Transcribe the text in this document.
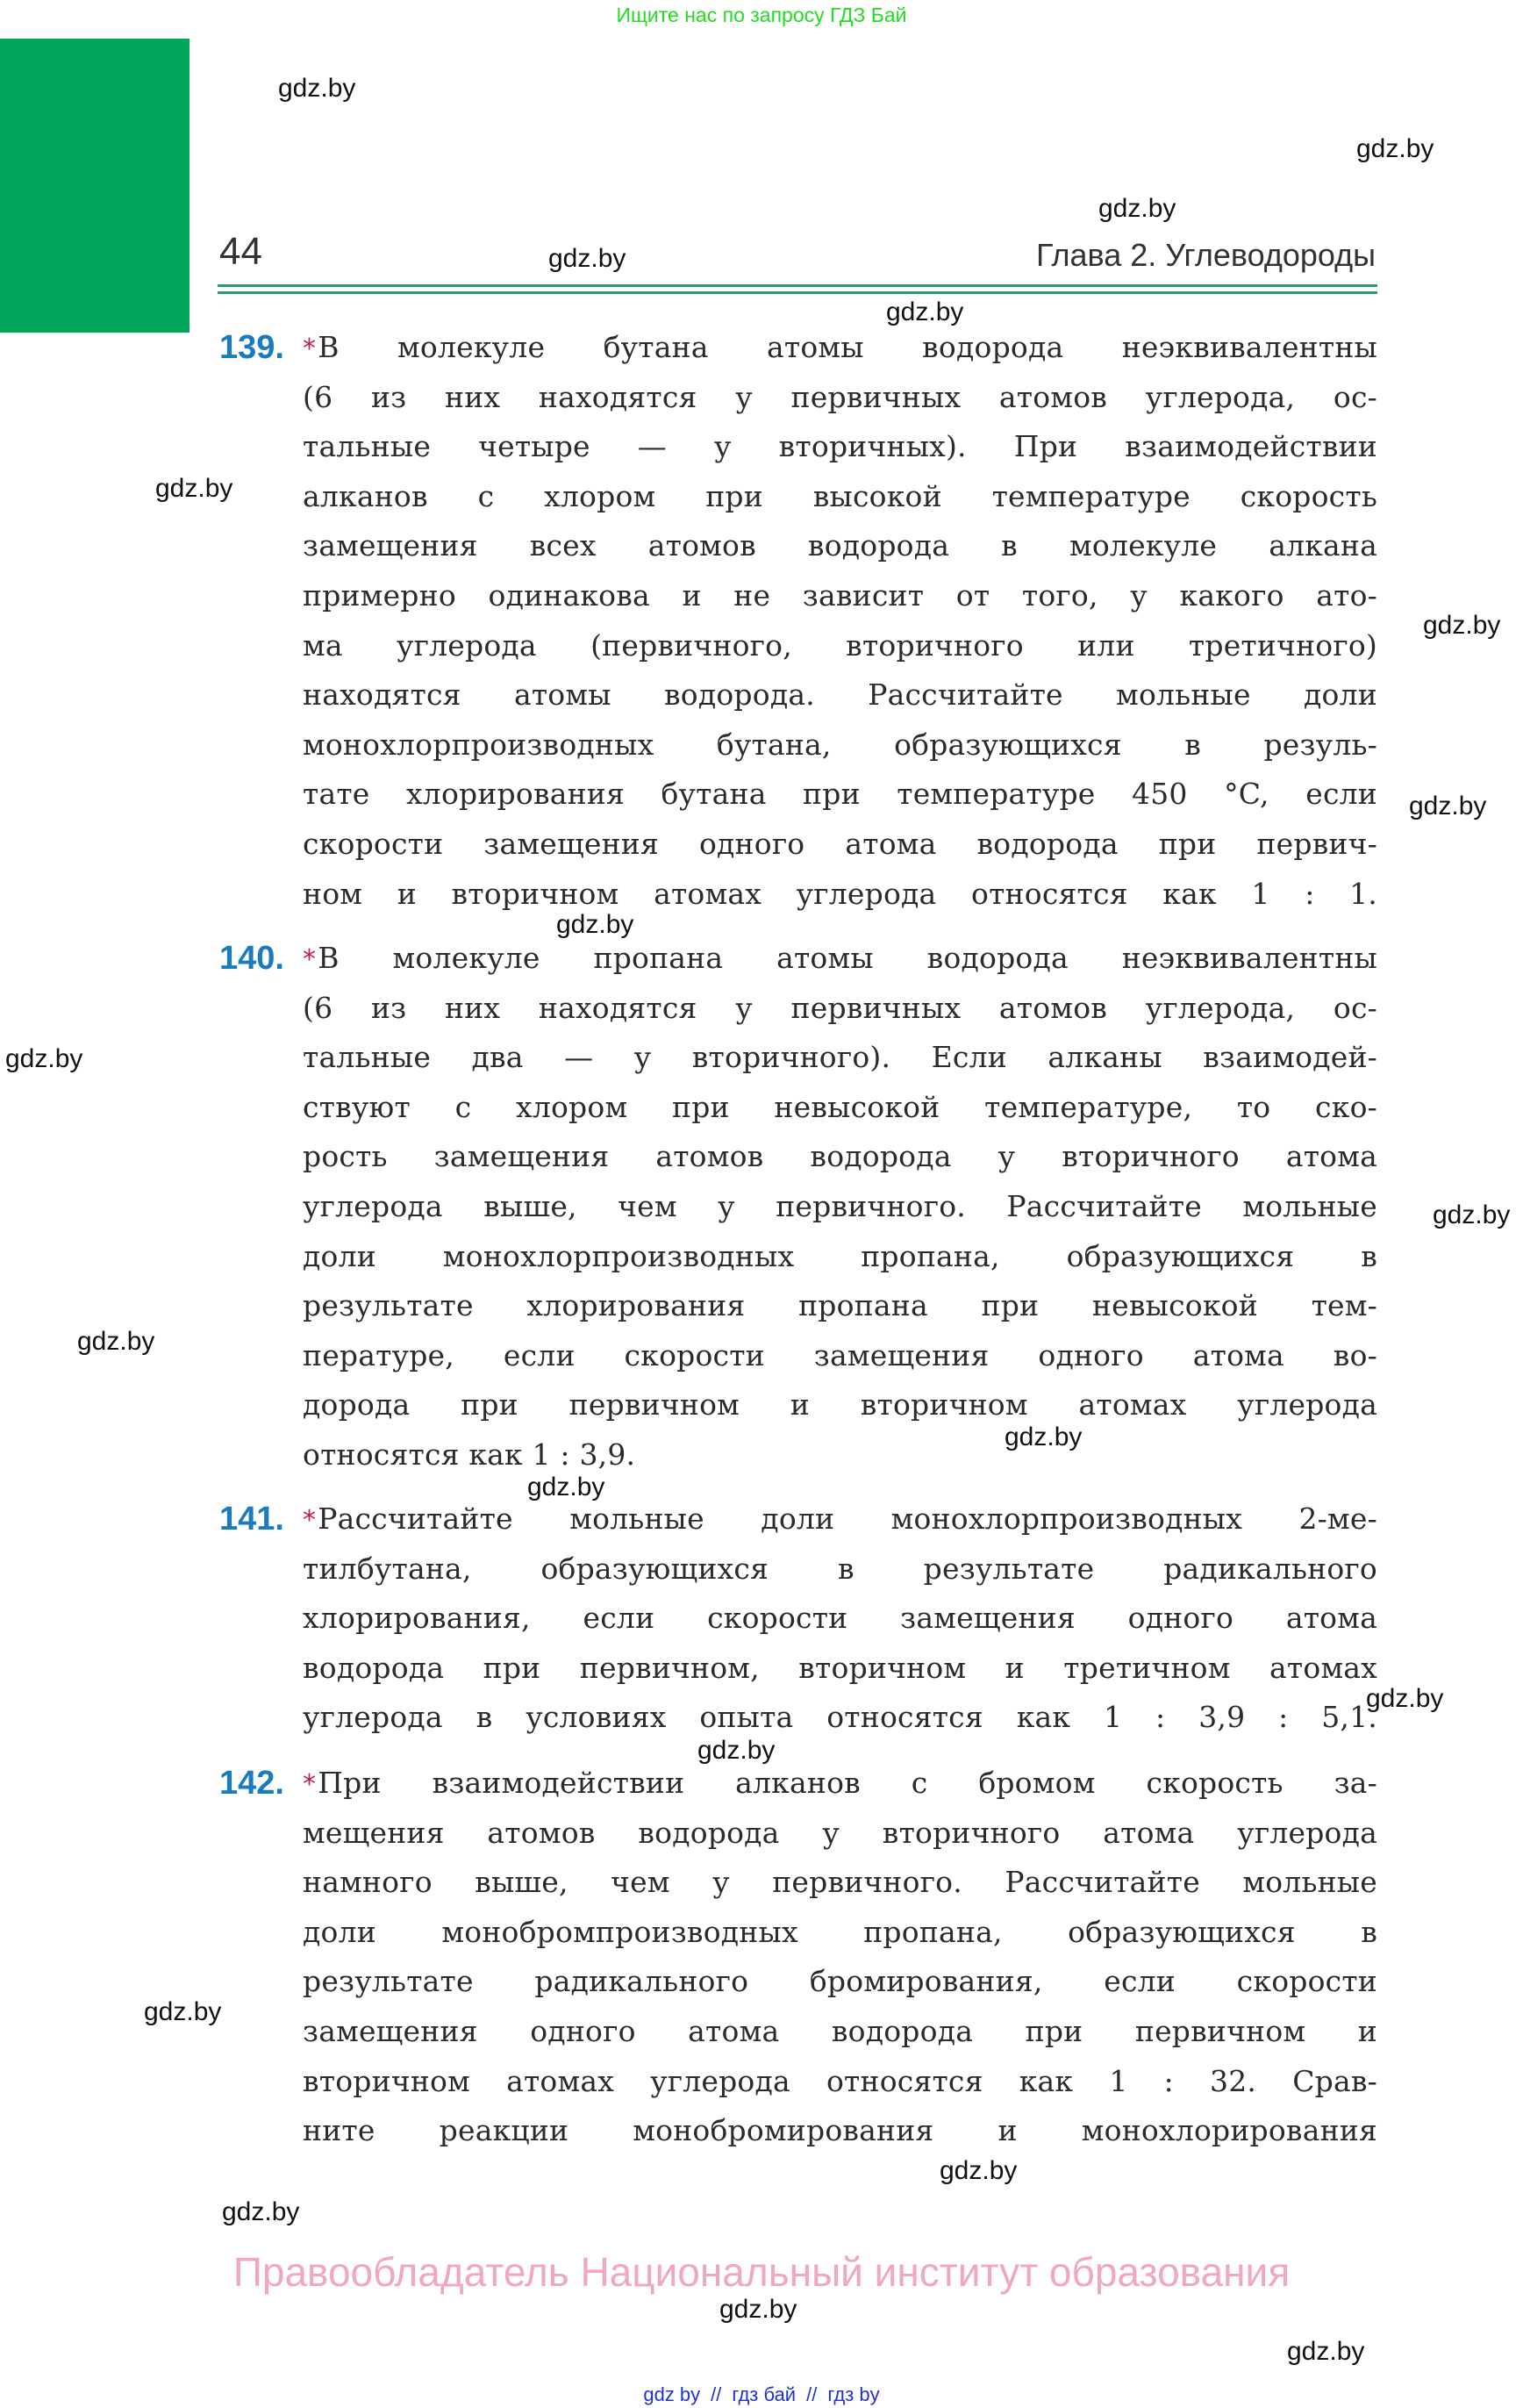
Ищите нас по запросу ГДЗ Бай
44	Глава 2. Углеводороды
139. *В молекуле бутана атомы водорода неэквивалентны
(6 из них находятся у первичных атомов углерода, ос-
тальные четыре — у вторичных). При взаимодействии
алканов с хлором при высокой температуре скорость
замещения всех атомов водорода в молекуле алкана
примерно одинакова и не зависит от того, у какого ато-
ма углерода (первичного, вторичного или третичного)
находятся атомы водорода. Рассчитайте мольные доли
монохлорпроизводных бутана, образующихся в резуль-
тате хлорирования бутана при температуре 450 °C, если
скорости замещения одного атома водорода при первич-
ном и вторичном атомах углерода относятся как 1 : 1.
140. *В молекуле пропана атомы водорода неэквивалентны
(6 из них находятся у первичных атомов углерода, ос-
тальные два — у вторичного). Если алканы взаимодей-
ствуют с хлором при невысокой температуре, то ско-
рость замещения атомов водорода у вторичного атома
углерода выше, чем у первичного. Рассчитайте мольные
доли монохлорпроизводных пропана, образующихся в
результате хлорирования пропана при невысокой тем-
пературе, если скорости замещения одного атома во-
дорода при первичном и вторичном атомах углерода
относятся как 1 : 3,9.
141. *Рассчитайте мольные доли монохлорпроизводных 2-ме-
тилбутана, образующихся в результате радикального
хлорирования, если скорости замещения одного атома
водорода при первичном, вторичном и третичном атомах
углерода в условиях опыта относятся как 1 : 3,9 : 5,1.
142. *При взаимодействии алканов с бромом скорость за-
мещения атомов водорода у вторичного атома углерода
намного выше, чем у первичного. Рассчитайте мольные
доли монобромпроизводных пропана, образующихся в
результате радикального бромирования, если скорости
замещения одного атома водорода при первичном и
вторичном атомах углерода относятся как 1 : 32. Срав-
ните реакции монобромирования и монохлорирования
gdz.by
gdz.by
gdz.by
gdz.by
gdz.by
gdz.by
gdz.by
gdz.by
gdz.by
gdz.by
gdz.by
gdz.by
gdz.by
gdz.by
gdz.by
gdz.by
gdz.by
gdz.by
gdz.by
gdz.by
gdz.by
Правообладатель Национальный институт образования
gdz by // гдз бай // гдз by
